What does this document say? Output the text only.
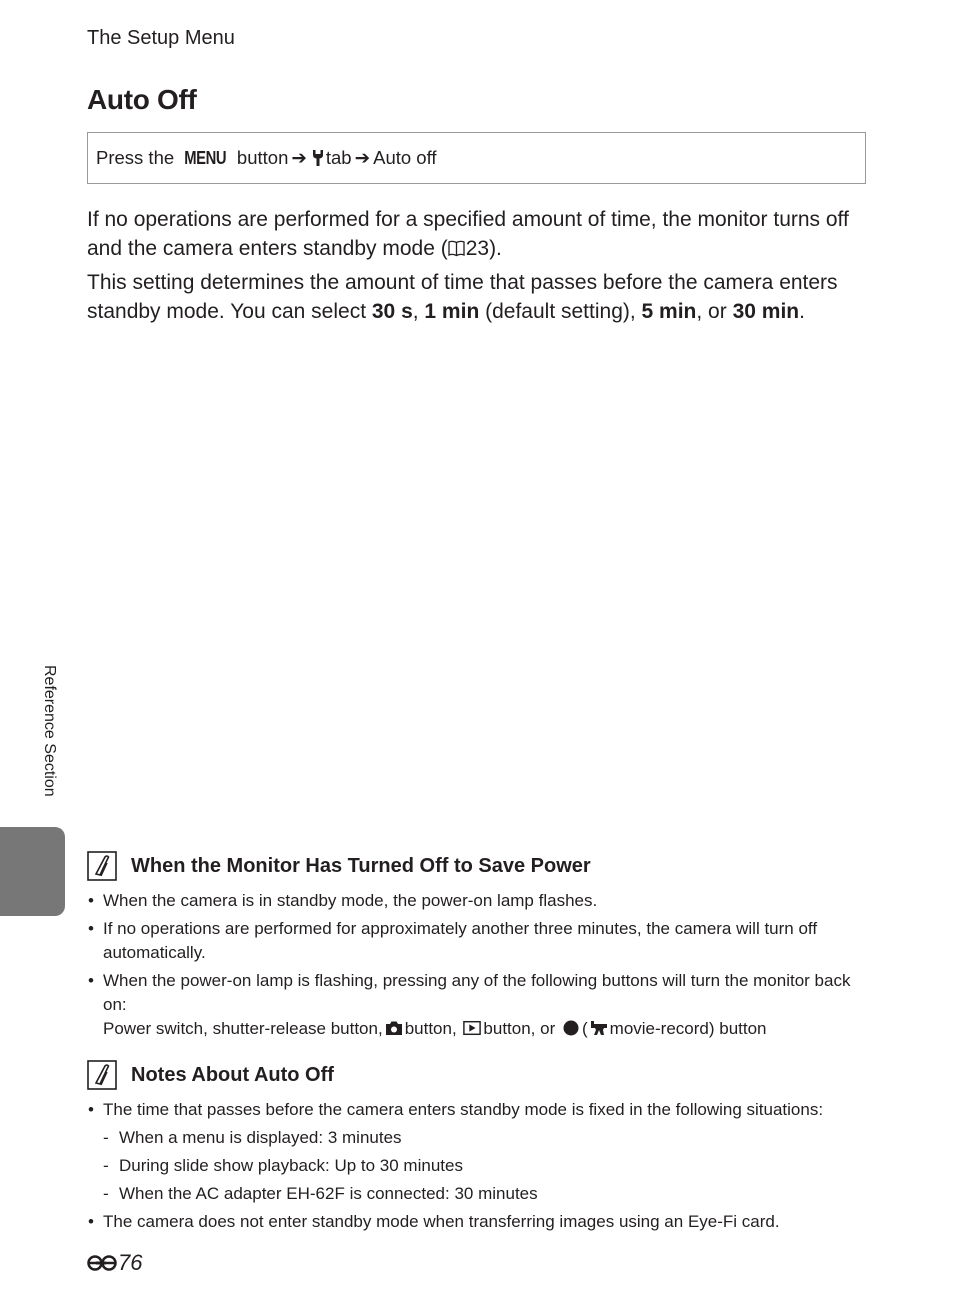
The Setup Menu
Auto Off
Press the
MENU
button ➔ tab ➔ Auto off
If no operations are performed for a specified amount of time, the monitor turns off and the camera enters standby mode ( 23).
This setting determines the amount of time that passes before the camera enters standby mode. You can select 30 s, 1 min (default setting), 5 min, or 30 min.
Reference Section
When the Monitor Has Turned Off to Save Power
• When the camera is in standby mode, the power-on lamp flashes.
• If no operations are performed for approximately another three minutes, the camera will turn off automatically.
• When the power-on lamp is flashing, pressing any of the following buttons will turn the monitor back on:
Power switch, shutter-release button, button, button, or ( movie-record) button
Notes About Auto Off
• The time that passes before the camera enters standby mode is fixed in the following situations:
- When a menu is displayed: 3 minutes
- During slide show playback: Up to 30 minutes
- When the AC adapter EH-62F is connected: 30 minutes
• The camera does not enter standby mode when transferring images using an Eye-Fi card.
76
